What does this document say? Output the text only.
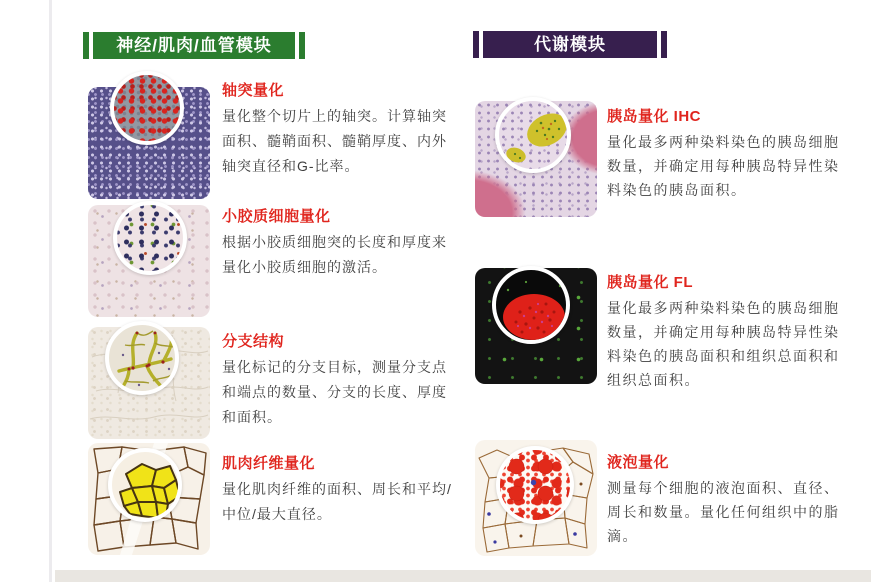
神经/肌肉/血管模块	代谢模块

轴突量化

量化整个切片上的轴突。计算轴突面积、髓鞘面积、髓鞘厚度、内外轴突直径和G-比率。

小胶质细胞量化

根据小胶质细胞突的长度和厚度来量化小胶质细胞的激活。

分支结构

量化标记的分支目标，测量分支点和端点的数量、分支的长度、厚度和面积。

肌肉纤维量化

量化肌肉纤维的面积、周长和平均/中位/最大直径。

胰岛量化 IHC

量化最多两种染料染色的胰岛细胞数量，并确定用每种胰岛特异性染料染色的胰岛面积。

胰岛量化 FL

量化最多两种染料染色的胰岛细胞数量，并确定用每种胰岛特异性染料染色的胰岛面积和组织总面积和组织总面积。

液泡量化

测量每个细胞的液泡面积、直径、周长和数量。量化任何组织中的脂滴。
